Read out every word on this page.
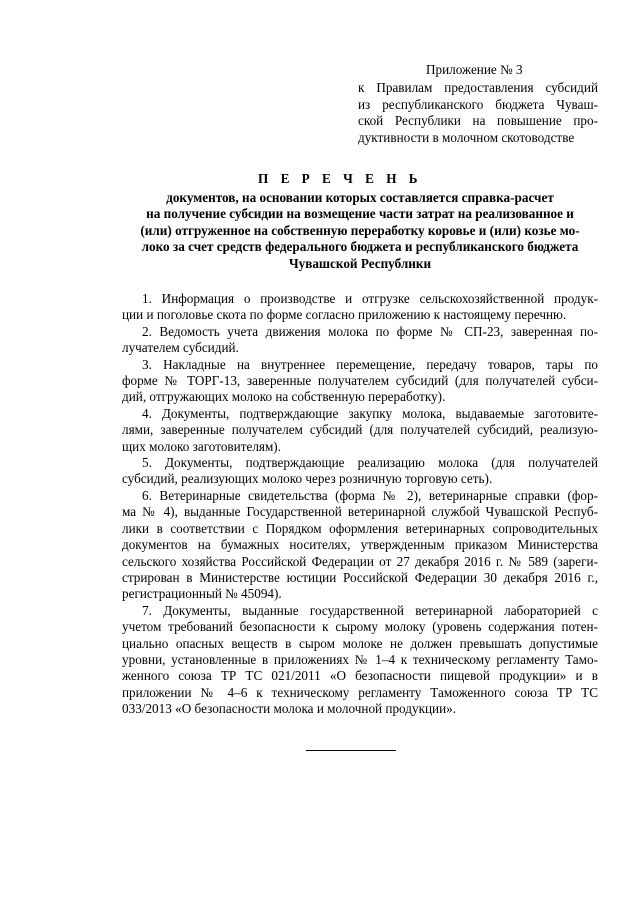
Приложение № 3
к Правилам предоставления субсидий
из республиканского бюджета Чуваш-
ской Республики на повышение про-
дуктивности в молочном скотоводстве
П Е Р Е Ч Е Н Ь
документов, на основании которых составляется справка-расчет
на получение субсидии на возмещение части затрат на реализованное и
(или) отгруженное на собственную переработку коровье и (или) козье мо-
локо за счет средств федерального бюджета и республиканского бюджета
Чувашской Республики

1. Информация о производстве и отгрузке сельскохозяйственной продук-
ции и поголовье скота по форме согласно приложению к настоящему перечню.

2. Ведомость учета движения молока по форме № СП-23, заверенная по-
лучателем субсидий.

3. Накладные на внутреннее перемещение, передачу товаров, тары по
форме № ТОРГ-13, заверенные получателем субсидий (для получателей субси-
дий, отгружающих молоко на собственную переработку).

4. Документы, подтверждающие закупку молока, выдаваемые заготовите-
лями, заверенные получателем субсидий (для получателей субсидий, реализую-
щих молоко заготовителям).

5. Документы, подтверждающие реализацию молока (для получателей
субсидий, реализующих молоко через розничную торговую сеть).

6. Ветеринарные свидетельства (форма № 2), ветеринарные справки (фор-
ма № 4), выданные Государственной ветеринарной службой Чувашской Респуб-
лики в соответствии с Порядком оформления ветеринарных сопроводительных
документов на бумажных носителях, утвержденным приказом Министерства
сельского хозяйства Российской Федерации от 27 декабря 2016 г. № 589 (зареги-
стрирован в Министерстве юстиции Российской Федерации 30 декабря 2016 г.,
регистрационный № 45094).

7. Документы, выданные государственной ветеринарной лабораторией с
учетом требований безопасности к сырому молоку (уровень содержания потен-
циально опасных веществ в сыром молоке не должен превышать допустимые
уровни, установленные в приложениях № 1–4 к техническому регламенту Тамо-
женного союза ТР ТС 021/2011 «О безопасности пищевой продукции» и в
приложении № 4–6 к техническому регламенту Таможенного союза ТР ТС
033/2013 «О безопасности молока и молочной продукции».
